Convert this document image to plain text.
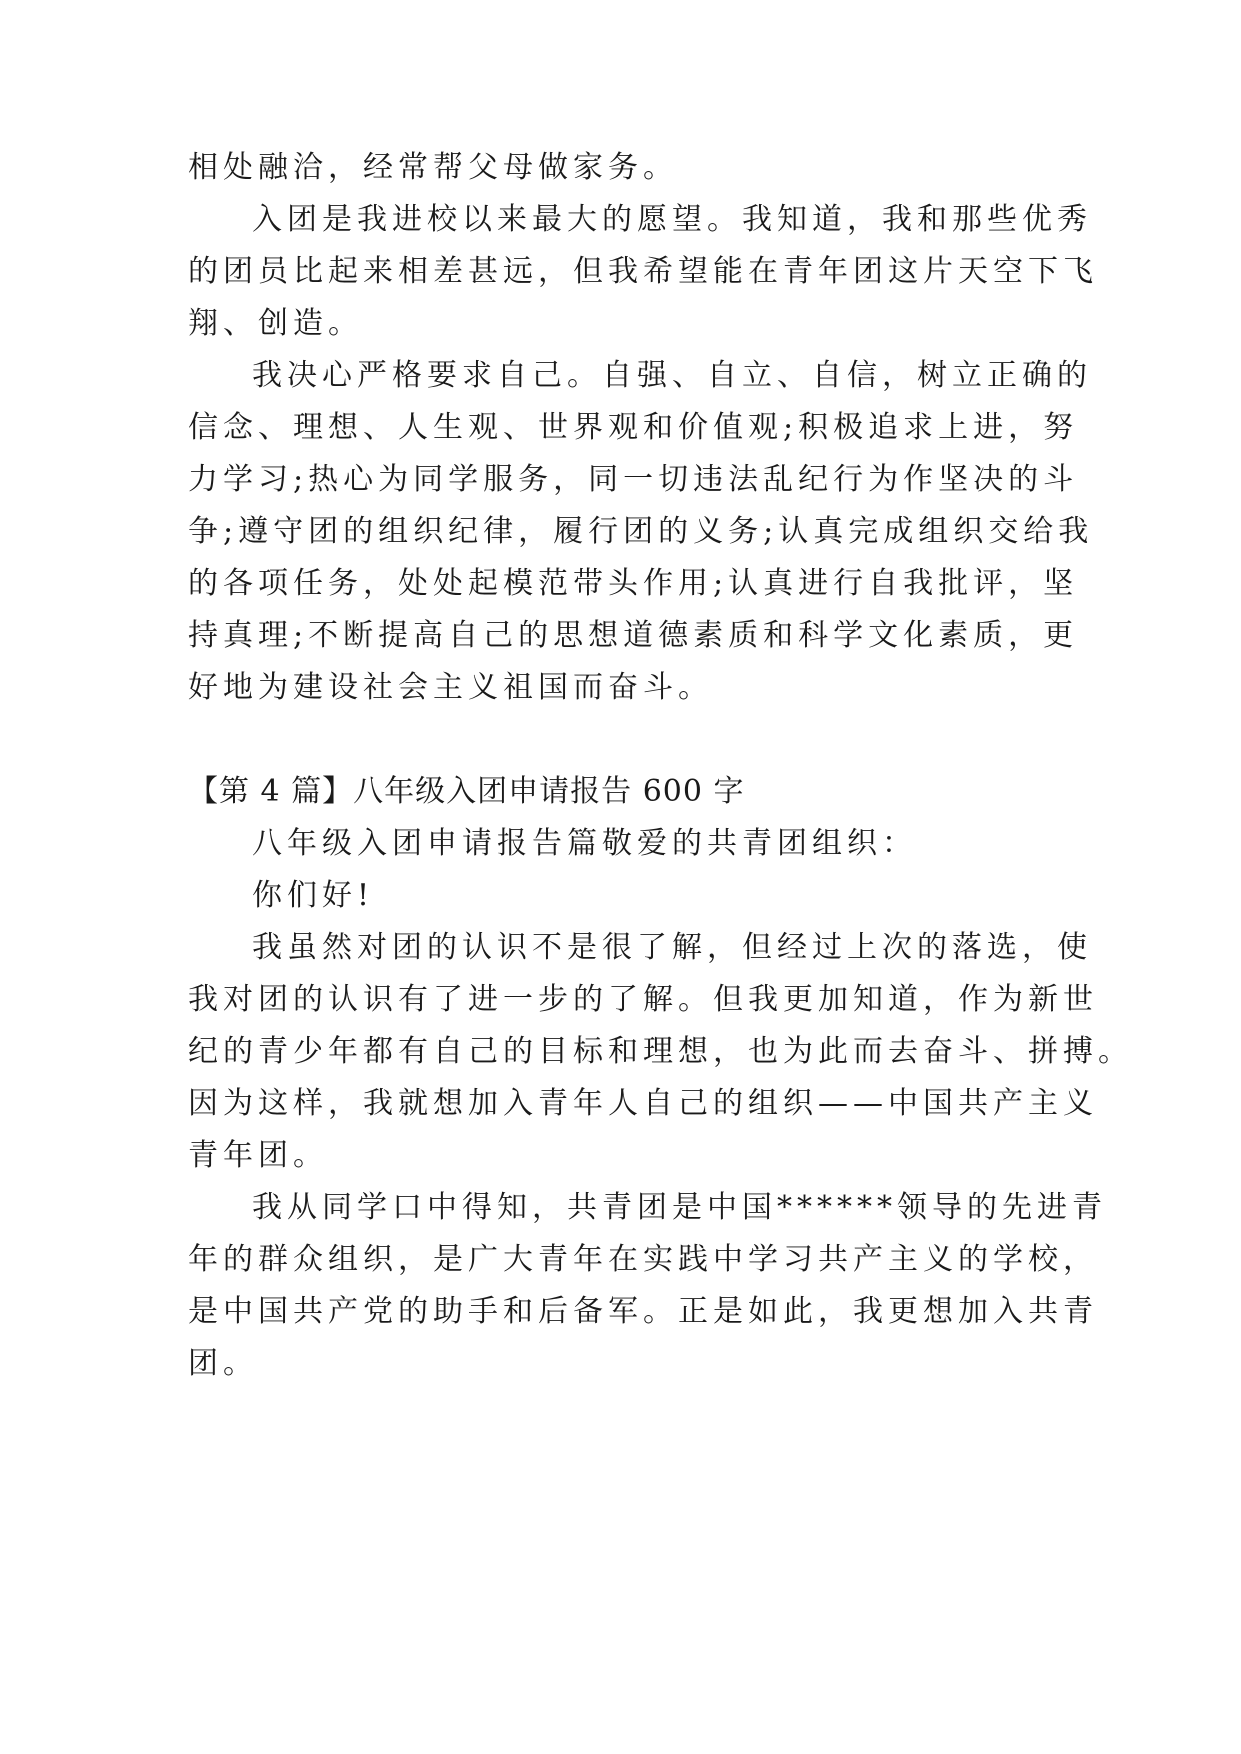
相处融洽，经常帮父母做家务。

入团是我进校以来最大的愿望。我知道，我和那些优秀

的团员比起来相差甚远，但我希望能在青年团这片天空下飞

翔、创造。

我决心严格要求自己。自强、自立、自信，树立正确的

信念、理想、人生观、世界观和价值观;积极追求上进，努

力学习;热心为同学服务，同一切违法乱纪行为作坚决的斗

争;遵守团的组织纪律，履行团的义务;认真完成组织交给我

的各项任务，处处起模范带头作用;认真进行自我批评，坚

持真理;不断提高自己的思想道德素质和科学文化素质，更

好地为建设社会主义祖国而奋斗。

【第 4 篇】八年级入团申请报告 600 字

八年级入团申请报告篇敬爱的共青团组织：

你们好!

我虽然对团的认识不是很了解，但经过上次的落选，使

我对团的认识有了进一步的了解。但我更加知道，作为新世

纪的青少年都有自己的目标和理想，也为此而去奋斗、拼搏。

因为这样，我就想加入青年人自己的组织——中国共产主义

青年团。

我从同学口中得知，共青团是中国******领导的先进青

年的群众组织，是广大青年在实践中学习共产主义的学校，

是中国共产党的助手和后备军。正是如此，我更想加入共青

团。
